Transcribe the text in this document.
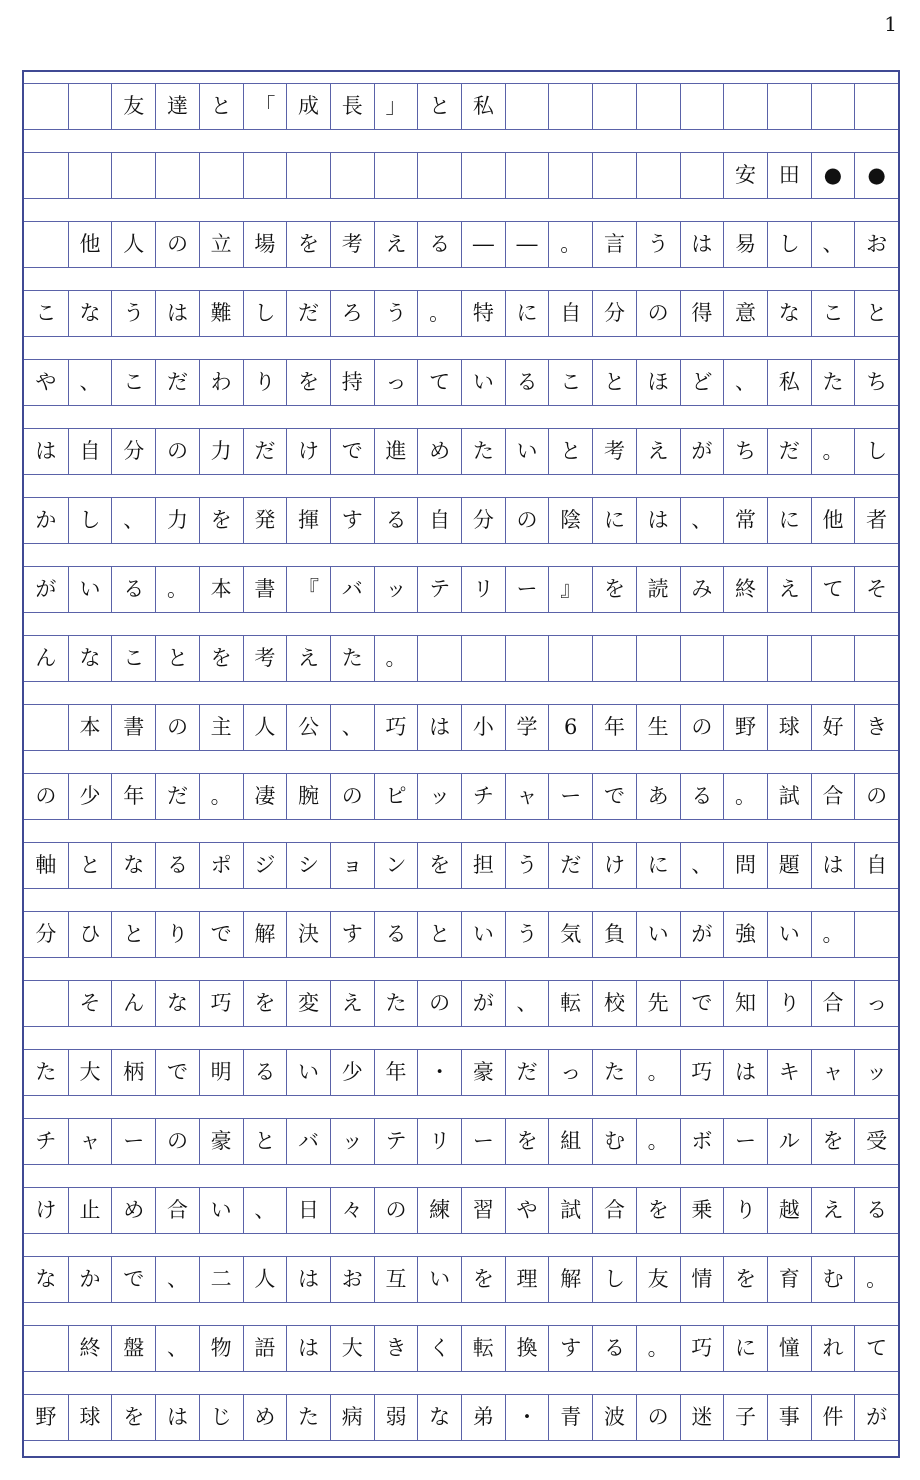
1
友	達	と	「	成	長	」	と	私
安	田	●	●
他	人	の	立	場	を	考	え	る	―	―	。	言	う	は	易	し	、	お
こ	な	う	は	難	し	だ	ろ	う	。	特	に	自	分	の	得	意	な	こ	と
や	、	こ	だ	わ	り	を	持	っ	て	い	る	こ	と	ほ	ど	、	私	た	ち
は	自	分	の	力	だ	け	で	進	め	た	い	と	考	え	が	ち	だ	。	し
か	し	、	力	を	発	揮	す	る	自	分	の	陰	に	は	、	常	に	他	者
が	い	る	。	本	書	『	バ	ッ	テ	リ	ー	』	を	読	み	終	え	て	そ
ん	な	こ	と	を	考	え	た	。
本	書	の	主	人	公	、	巧	は	小	学	6	年	生	の	野	球	好	き
の	少	年	だ	。	凄	腕	の	ピ	ッ	チ	ャ	ー	で	あ	る	。	試	合	の
軸	と	な	る	ポ	ジ	シ	ョ	ン	を	担	う	だ	け	に	、	問	題	は	自
分	ひ	と	り	で	解	決	す	る	と	い	う	気	負	い	が	強	い	。
そ	ん	な	巧	を	変	え	た	の	が	、	転	校	先	で	知	り	合	っ
た	大	柄	で	明	る	い	少	年	・	豪	だ	っ	た	。	巧	は	キ	ャ	ッ
チ	ャ	ー	の	豪	と	バ	ッ	テ	リ	ー	を	組	む	。	ボ	ー	ル	を	受
け	止	め	合	い	、	日	々	の	練	習	や	試	合	を	乗	り	越	え	る
な	か	で	、	二	人	は	お	互	い	を	理	解	し	友	情	を	育	む	。
終	盤	、	物	語	は	大	き	く	転	換	す	る	。	巧	に	憧	れ	て
野	球	を	は	じ	め	た	病	弱	な	弟	・	青	波	の	迷	子	事	件	が
